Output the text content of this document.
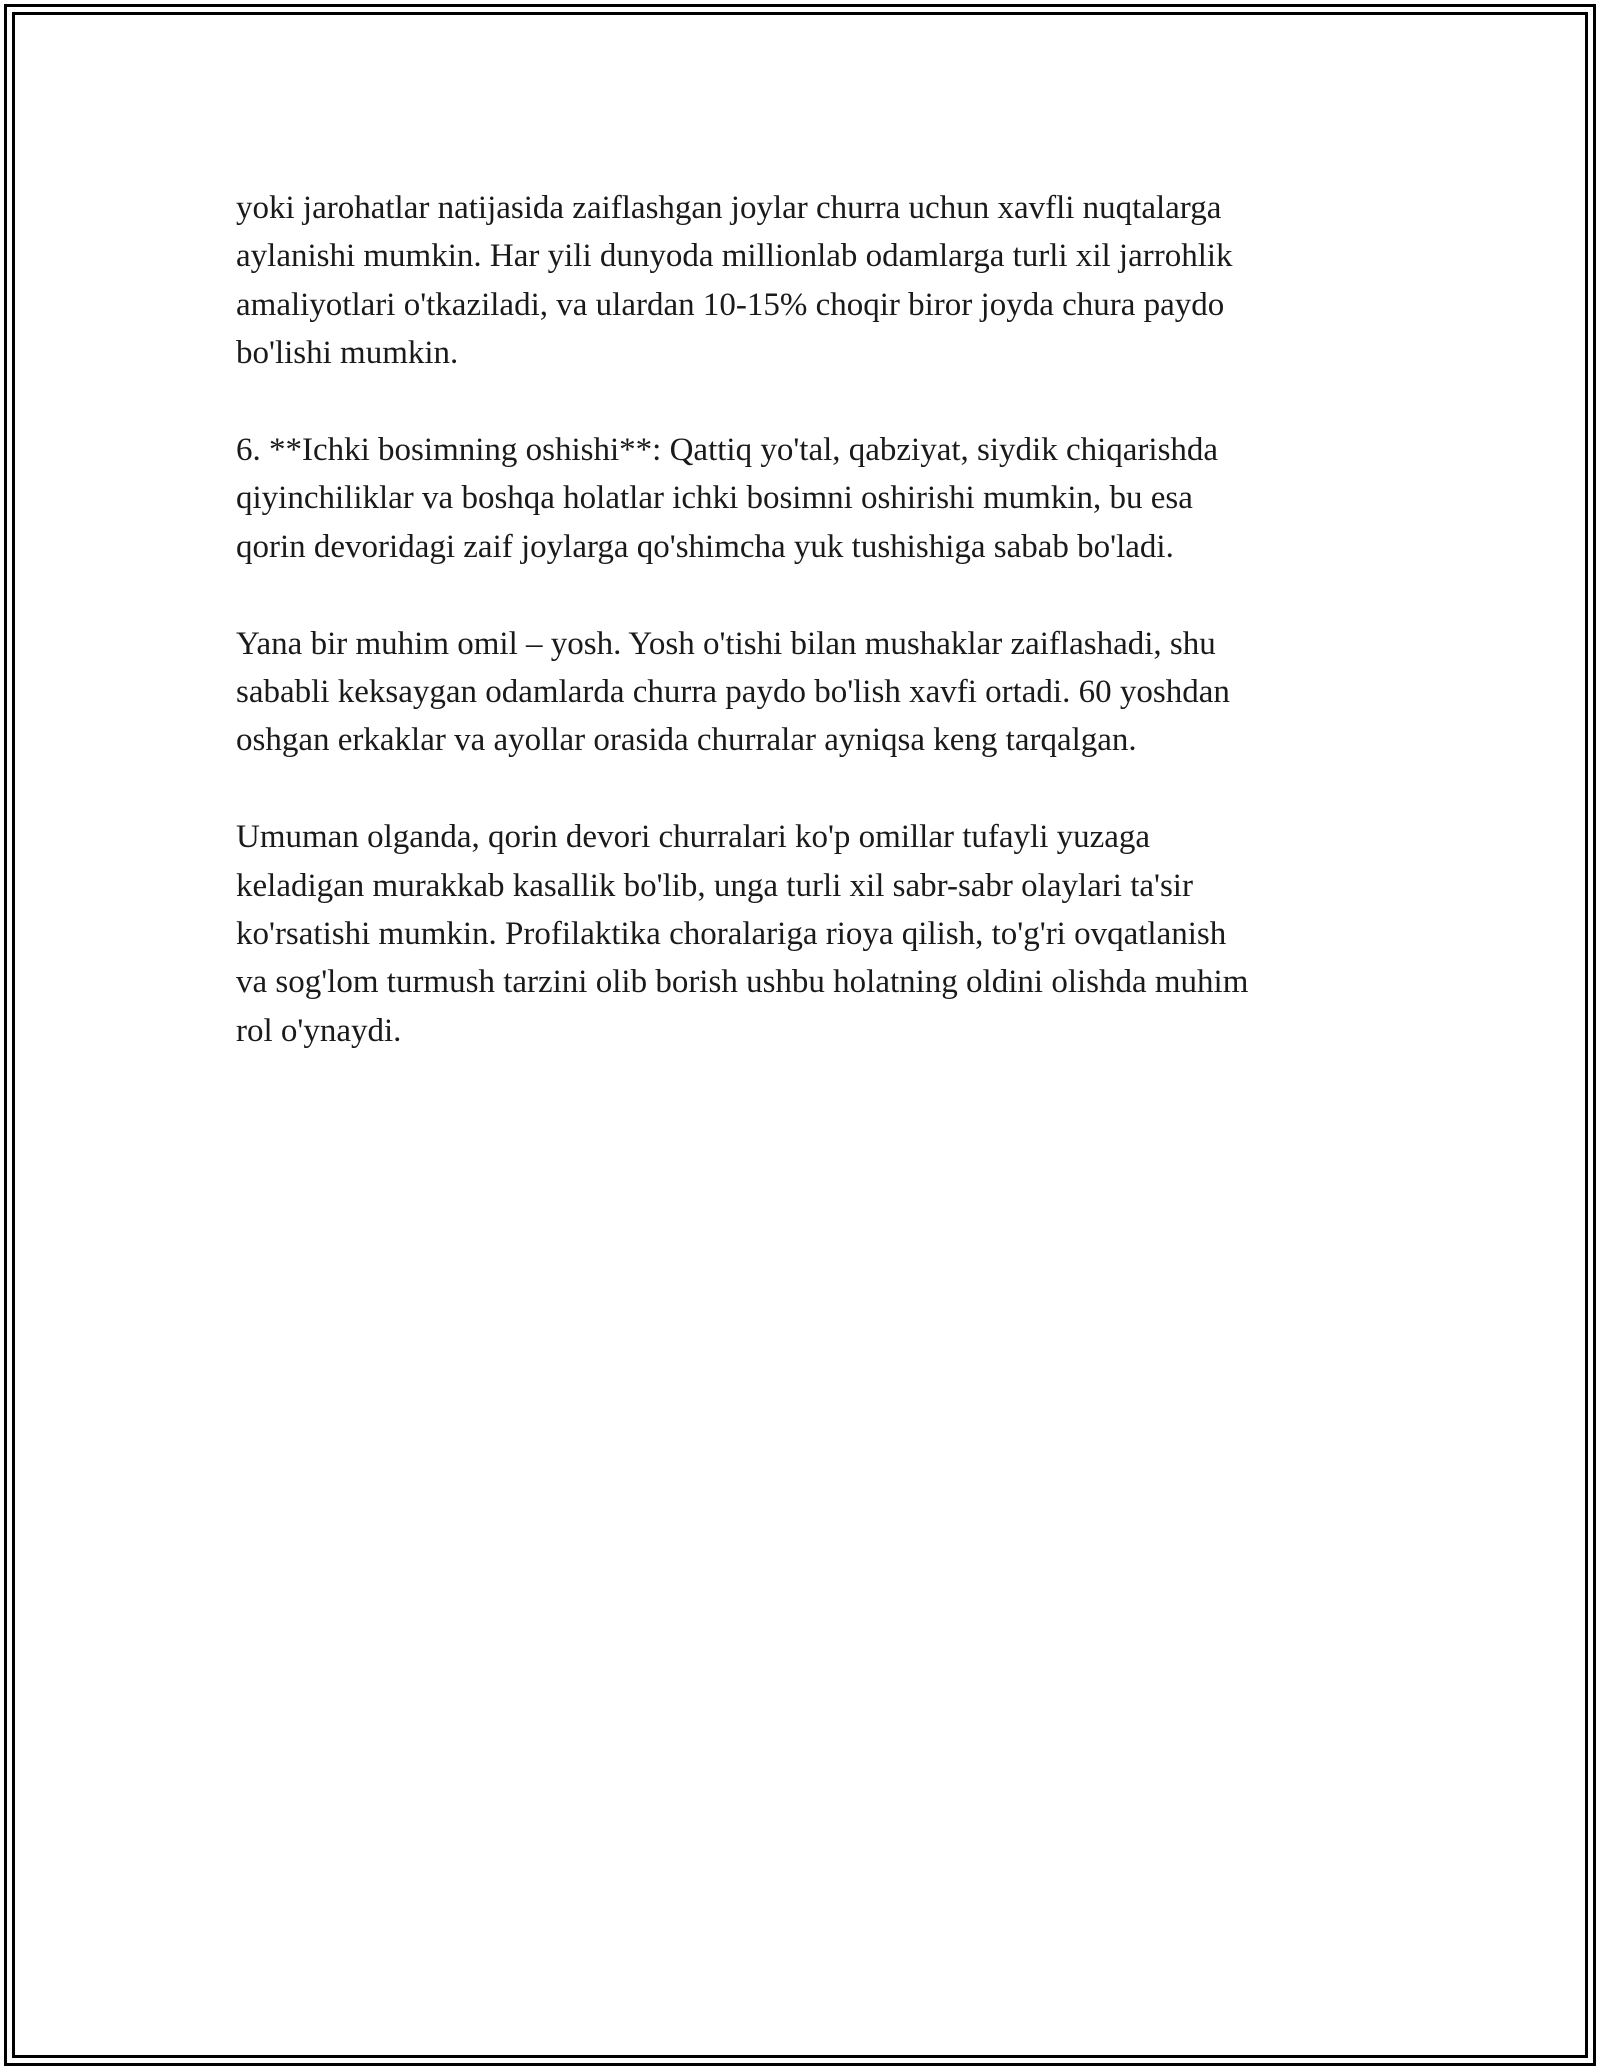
yoki jarohatlar natijasida zaiflashgan joylar churra uchun xavfli nuqtalarga
aylanishi mumkin. Har yili dunyoda millionlab odamlarga turli xil jarrohlik
amaliyotlari o'tkaziladi, va ulardan 10-15% choqir biror joyda chura paydo
bo'lishi mumkin.

6. **Ichki bosimning oshishi**: Qattiq yo'tal, qabziyat, siydik chiqarishda
qiyinchiliklar va boshqa holatlar ichki bosimni oshirishi mumkin, bu esa
qorin devoridagi zaif joylarga qo'shimcha yuk tushishiga sabab bo'ladi.

Yana bir muhim omil – yosh. Yosh o'tishi bilan mushaklar zaiflashadi, shu
sababli keksaygan odamlarda churra paydo bo'lish xavfi ortadi. 60 yoshdan
oshgan erkaklar va ayollar orasida churralar ayniqsa keng tarqalgan.

Umuman olganda, qorin devori churralari ko'p omillar tufayli yuzaga
keladigan murakkab kasallik bo'lib, unga turli xil sabr-sabr olaylari ta'sir
ko'rsatishi mumkin. Profilaktika choralariga rioya qilish, to'g'ri ovqatlanish
va sog'lom turmush tarzini olib borish ushbu holatning oldini olishda muhim
rol o'ynaydi.
